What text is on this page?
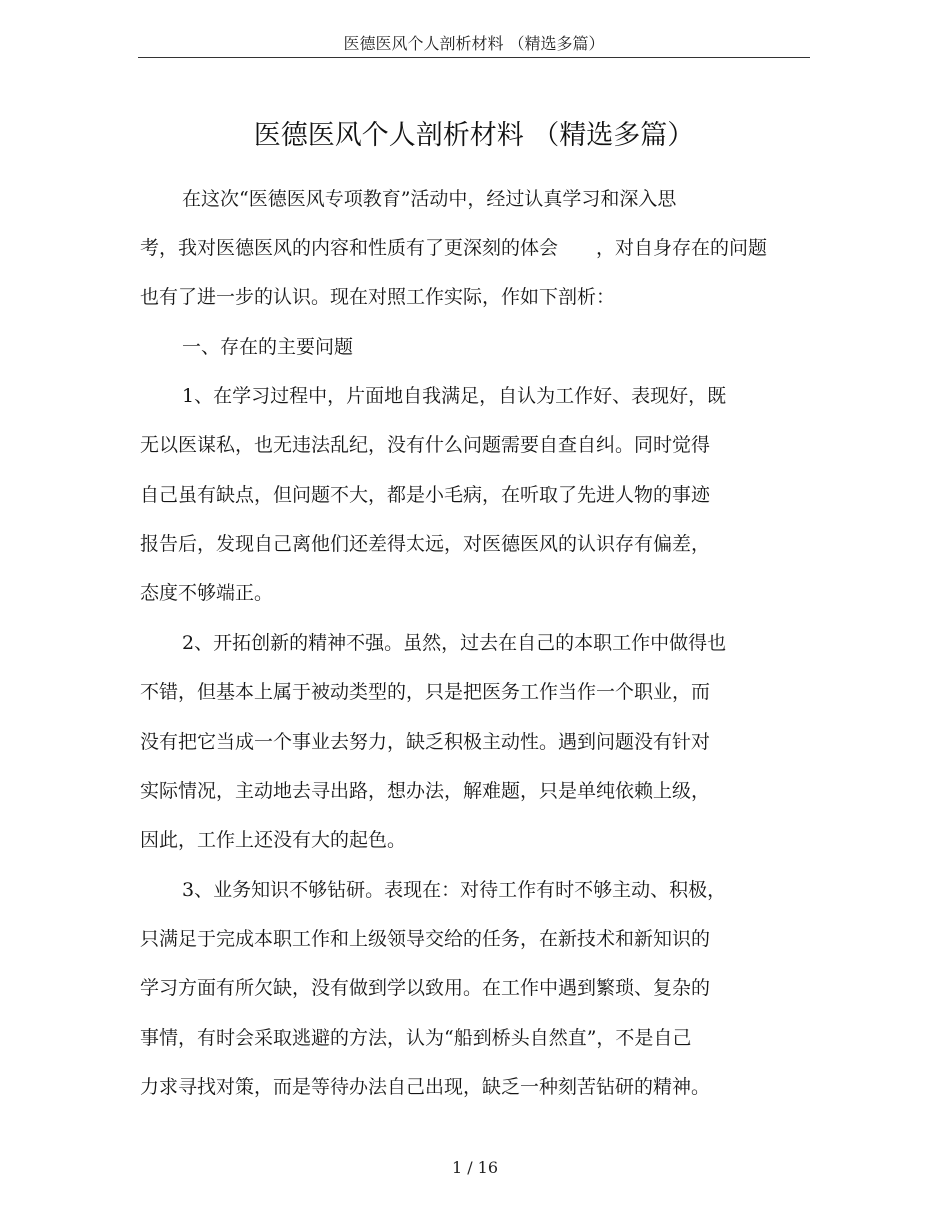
医德医风个人剖析材料 （精选多篇）
医德医风个人剖析材料 （精选多篇）
在这次“医德医风专项教育”活动中，经过认真学习和深入思
考，我对医德医风的内容和性质有了更深刻的体会　　，对自身存在的问题
也有了进一步的认识。现在对照工作实际，作如下剖析：
一、存在的主要问题
1、在学习过程中，片面地自我满足，自认为工作好、表现好，既
无以医谋私，也无违法乱纪，没有什么问题需要自查自纠。同时觉得
自己虽有缺点，但问题不大，都是小毛病，在听取了先进人物的事迹
报告后，发现自己离他们还差得太远，对医德医风的认识存有偏差，
态度不够端正。
2、开拓创新的精神不强。虽然，过去在自己的本职工作中做得也
不错，但基本上属于被动类型的，只是把医务工作当作一个职业，而
没有把它当成一个事业去努力，缺乏积极主动性。遇到问题没有针对
实际情况，主动地去寻出路，想办法，解难题，只是单纯依赖上级，
因此，工作上还没有大的起色。
3、业务知识不够钻研。表现在：对待工作有时不够主动、积极，
只满足于完成本职工作和上级领导交给的任务，在新技术和新知识的
学习方面有所欠缺，没有做到学以致用。在工作中遇到繁琐、复杂的
事情，有时会采取逃避的方法，认为“船到桥头自然直”，不是自己
力求寻找对策，而是等待办法自己出现，缺乏一种刻苦钻研的精神。
1 / 16
